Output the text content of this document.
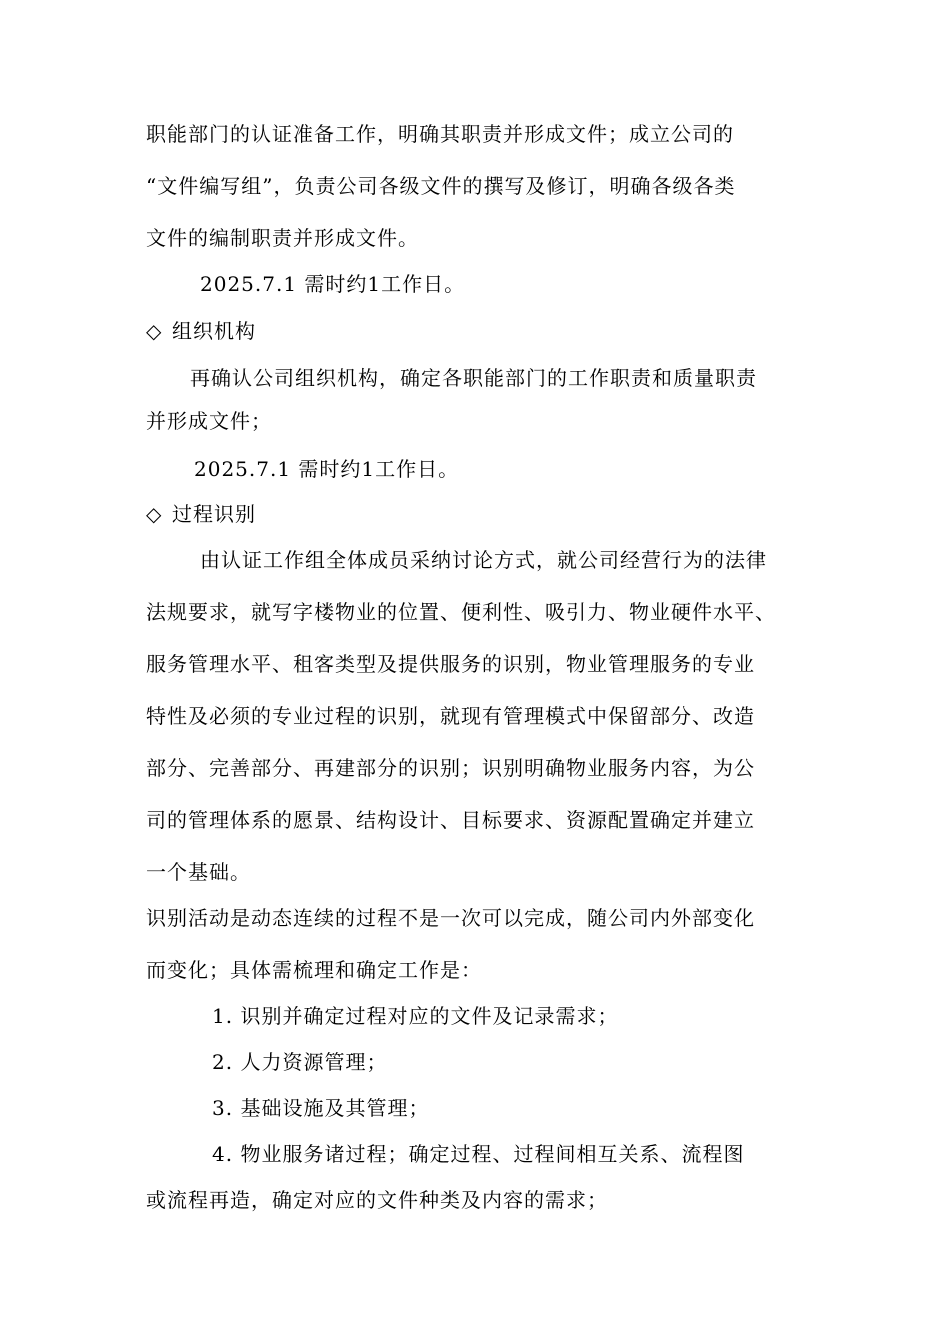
职能部门的认证准备工作，明确其职责并形成文件；成立公司的
“文件编写组”，负责公司各级文件的撰写及修订，明确各级各类
文件的编制职责并形成文件。
2025.7.1 需时约1工作日。
◇ 组织机构
再确认公司组织机构，确定各职能部门的工作职责和质量职责
并形成文件；
2025.7.1 需时约1工作日。
◇ 过程识别
由认证工作组全体成员采纳讨论方式，就公司经营行为的法律
法规要求，就写字楼物业的位置、便利性、吸引力、物业硬件水平、
服务管理水平、租客类型及提供服务的识别，物业管理服务的专业
特性及必须的专业过程的识别，就现有管理模式中保留部分、改造
部分、完善部分、再建部分的识别；识别明确物业服务内容，为公
司的管理体系的愿景、结构设计、目标要求、资源配置确定并建立
一个基础。
识别活动是动态连续的过程不是一次可以完成，随公司内外部变化
而变化；具体需梳理和确定工作是：
1. 识别并确定过程对应的文件及记录需求；
2. 人力资源管理；
3. 基础设施及其管理；
4. 物业服务诸过程；确定过程、过程间相互关系、流程图
或流程再造，确定对应的文件种类及内容的需求；
